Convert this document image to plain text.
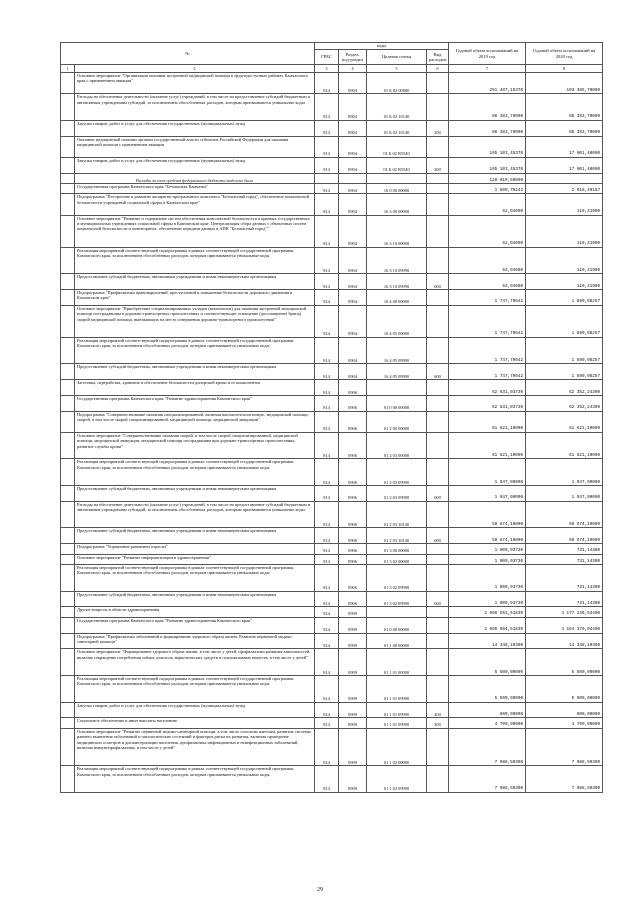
№		коды				Годовой объем ассигнований на 2019 год	Годовой объем ассигнований на 2020 год
		ГРБС	Раздел, под-раздел	Целевая статья	Вид расходов		
1	2	3	4	5	6	7	8
	Основное мероприятие "Организация оказания экстренной медицинской помощи в труднодоступных районах Камчатского края с применением авиации"	814	0904	01 Б 02 00000		251 487,15370	103 385,70000
	Расходы на обеспечение деятельности (оказание услуг) учреждений, в том числе на предоставление субсидий бюджетным и автономным учреждениям субсидий, за исключением обособленных расходов, которым присваиваются уникальные коды	814	0904	01 Б 02 10140		86 383,70000	86 383,70000
	Закупка товаров, работ и услуг для обеспечения государственных (муниципальных) нужд	814	0904	01 Б 02 10140	200	86 383,70000	86 383,70000
	Оказание медицинской помощи органам государственной власти субъектов Российской Федерации для оказания медицинской помощи с применением авиации	814	0904	01 Б 02 R5540		165 103,45370	17 001,40000
	Закупка товаров, работ и услуг для обеспечения государственных (муниципальных) нужд	814	0904	01 Б 02 R5540	200	165 103,45370	17 001,40000
	Расходы за счет средств федерального бюджета выделено было					128 919,50000	
	Государственная программа Камчатского края "Безопасная Камчатка"	814	0904	16 0 00 00000		1 809,75242	2 018,40157
	Подпрограмма "Построение и развитие аппаратно-программного комплекса "Безопасный город", обеспечение комплексной безопасности учреждений социальной сферы в Камчатском крае"	814	0904	16 3 00 00000		62,04600	119,31900
	Основное мероприятие "Развитие и содержание систем обеспечения комплексной безопасности в краевых государственных и муниципальных учреждениях социальной сферы в Камчатском крае. Централизация сбора данных с объектовых систем комплексной безопасности и мониторинга, обеспечение передачи данных в АПК "Безопасный город""	814	0904	16 3 10 00000		62,04600	119,31900
	Реализация мероприятий соответствующей подпрограммы в рамках соответствующей государственной программы Камчатского края, за исключением обособленных расходов, которым присваиваются уникальные коды	814	0904	16 3 10 09990		62,04600	119,31900
	Предоставление субсидий бюджетным, автономным учреждениям и иным некоммерческим организациям	814	0904	16 3 10 09990	600	62,04600	119,31900
	Подпрограмма "Профилактика правонарушений, преступлений и повышение безопасности дорожного движения в Камчатском крае"	814	0904	16 4 00 00000		1 747,70642	1 899,08257
	Основное мероприятие "Приобретение специализированных укладок (комплектов) для оказания экстренной медицинской помощи пострадавшим в дорожно-транспортных происшествиях и соответствующее оснащение (дооснащение) бригад скорой медицинской помощи, выезжающих на место совершения дорожно-транспортного происшествия"	814	0904	16 4 05 00000		1 747,70642	1 899,08257
	Реализация мероприятий соответствующей подпрограммы в рамках соответствующей государственной программы Камчатского края, за исключением обособленных расходов, которым присваиваются уникальные коды	814	0904	16 4 05 09990		1 747,70642	1 899,08257
	Предоставление субсидий бюджетным, автономным учреждениям и иным некоммерческим организациям	814	0904	16 4 05 09990	600	1 747,70642	1 899,08257
	Заготовка, переработка, хранение и обеспечение безопасности донорской крови и ее компонентов	814	0906			62 631,03730	62 352,24300
	Государственная программа Камчатского края "Развитие здравоохранения Камчатского края"	814	0906	01 0 00 00000		62 631,03730	62 352,24300
	Подпрограмма "Совершенствование оказания специализированной, включая высокотехнологичную, медицинской помощи, скорой, в том числе скорой специализированной, медицинской помощи, медицинской эвакуации"	814	0906	01 2 00 00000		61 621,10000	61 621,10000
	Основное мероприятие "Совершенствование оказания скорой, в том числе скорой специализированной, медицинской помощи, медицинской эвакуации, медицинской помощи пострадавшим при дорожно-транспортных происшествиях, развитие службы крови"	814	0906	01 2 03 00000		61 621,10000	61 621,10000
	Реализация мероприятий соответствующей подпрограммы в рамках соответствующей государственной программы Камчатского края, за исключением обособленных расходов, которым присваиваются уникальные коды	814	0906	01 2 03 09990		1 947,00000	1 947,00000
	Предоставление субсидий бюджетным, автономным учреждениям и иным некоммерческим организациям	814	0906	01 2 03 09990	600	1 947,00000	1 947,00000
	Расходы на обеспечение деятельности (оказание услуг) учреждений, в том числе на предоставление субсидий бюджетным и автономным учреждениям субсидий, за исключением обособленных расходов, которым присваиваются уникальные коды	814	0906	01 2 03 10140		59 674,10000	59 674,10000
	Предоставление субсидий бюджетным, автономным учреждениям и иным некоммерческим организациям	814	0906	01 2 03 10140	600	59 674,10000	59 674,10000
	Подпрограмма "Управление развитием отрасли"	814	0906	01 3 00 00000		1 009,93730	731,14300
	Основное мероприятие "Развитие информатизации в здравоохранении"	814	0906	01 3 02 00000		1 009,93730	731,14300
	Реализация мероприятий соответствующей подпрограммы в рамках соответствующей государственной программы Камчатского края, за исключением обособленных расходов, которым присваиваются уникальные коды	814	0906	01 3 02 09990		1 009,93730	731,14300
	Предоставление субсидий бюджетным, автономным учреждениям и иным некоммерческим организациям	814	0906	01 3 02 09990	600	1 009,93730	731,14300
	Другие вопросы в области здравоохранения	814	0909			2 908 551,51830	4 177 236,54400
	Государственная программа Камчатского края "Развитие здравоохранения Камчатского края"	814	0909	01 0 00 00000		2 895 684,51830	4 164 370,04400
	Подпрограмма "Профилактика заболеваний и формирование здорового образа жизни. Развитие первичной медико-санитарной помощи"	814	0909	01 1 00 00000		14 348,10300	14 348,10300
	Основное мероприятие "Формирование здорового образа жизни, в том числе у детей, профилактика развития зависимостей, включая сокращение потребления табака, алкоголя, наркотических средств и психоактивных веществ, в том числе у детей"	814	0909	01 1 01 00000		5 500,00000	5 500,00000
	Реализация мероприятий соответствующей подпрограммы в рамках соответствующей государственной программы Камчатского края, за исключением обособленных расходов, которым присваиваются уникальные коды	814	0909	01 1 01 09990		5 500,00000	5 500,00000
	Закупка товаров, работ и услуг для обеспечения государственных (муниципальных) нужд	814	0909	01 1 01 09990	200	800,00000	800,00000
	Социальное обеспечение и иные выплаты населению	814	0909	01 1 01 09990	300	4 700,00000	4 700,00000
	Основное мероприятие "Развитие первичной медико-санитарной помощи, в том числе сельским жителям, развитие системы раннего выявления заболеваний и патологических состояний и факторов риска их развития, включая проведение медицинских осмотров и диспансеризации населения, профилактика инфекционных и неинфекционных заболеваний, включая иммунопрофилактику, в том числе у детей"	814	0909	01 1 02 00000		7 088,50300	7 088,50300
	Реализация мероприятий соответствующей подпрограммы в рамках соответствующей государственной программы Камчатского края, за исключением обособленных расходов, которым присваиваются уникальные коды	814	0909	01 1 02 09990		7 088,50300	7 088,50300
29
